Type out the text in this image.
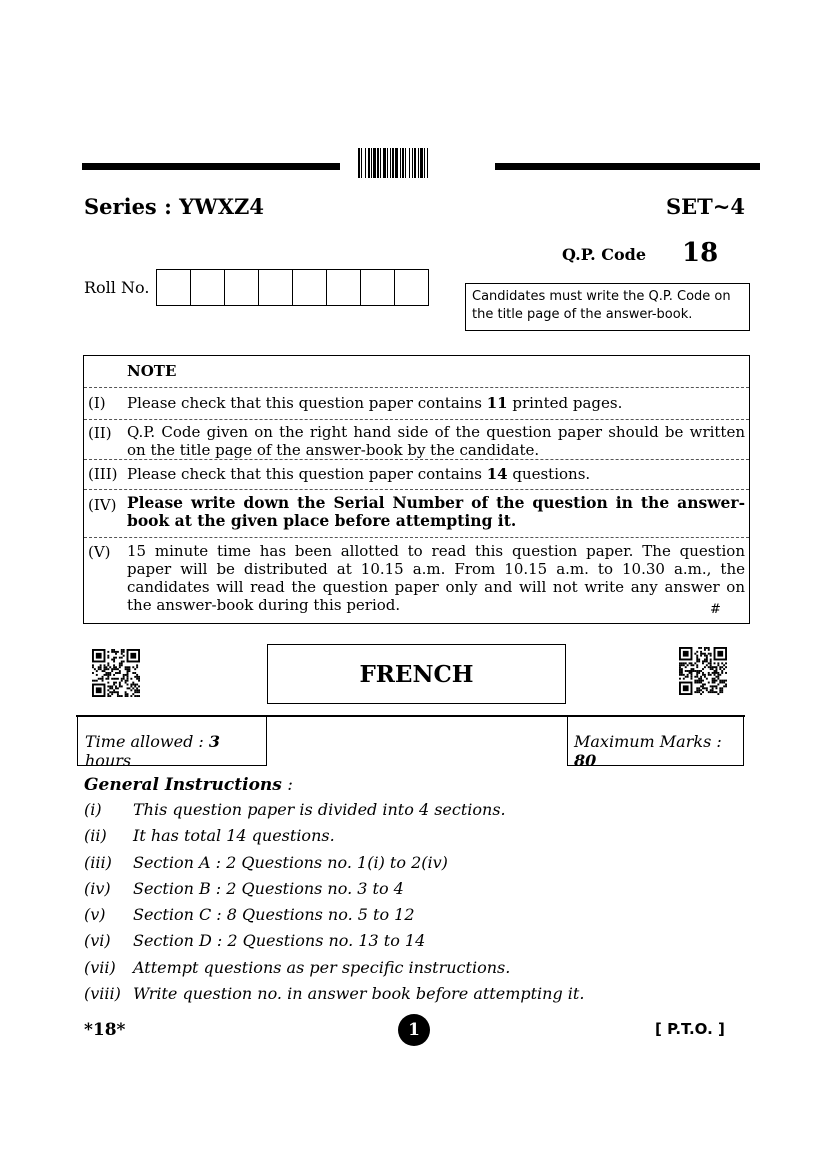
Series : YWXZ4	SET~4
Q.P. Code 18
Roll No.	Candidates must write the Q.P. Code on the title page of the answer-book.
NOTE
(I) Please check that this question paper contains 11 printed pages.
(II) Q.P. Code given on the right hand side of the question paper should be written on the title page of the answer-book by the candidate.
(III) Please check that this question paper contains 14 questions.
(IV) Please write down the Serial Number of the question in the answer-book at the given place before attempting it.
(V) 15 minute time has been allotted to read this question paper. The question paper will be distributed at 10.15 a.m. From 10.15 a.m. to 10.30 a.m., the candidates will read the question paper only and will not write any answer on the answer-book during this period.	#
FRENCH
Time allowed : 3 hours
Maximum Marks : 80
General Instructions :
(i) This question paper is divided into 4 sections.
(ii) It has total 14 questions.
(iii) Section A : 2 Questions no. 1(i) to 2(iv)
(iv) Section B : 2 Questions no. 3 to 4
(v) Section C : 8 Questions no. 5 to 12
(vi) Section D : 2 Questions no. 13 to 14
(vii) Attempt questions as per specific instructions.
(viii) Write question no. in answer book before attempting it.
*18*	1	[ P.T.O. ]
